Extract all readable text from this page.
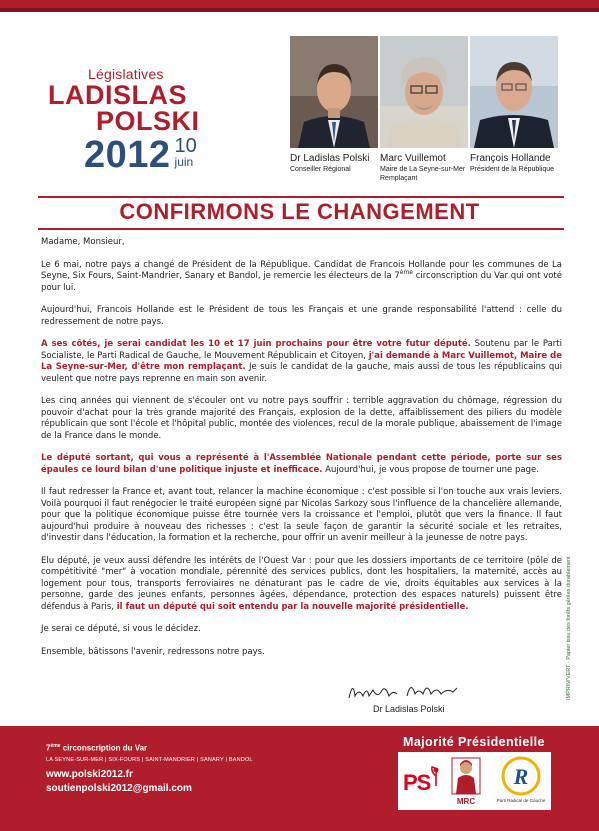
Législatives
LADISLAS
POLSKI
2012 10
juin	Dr Ladislas Polski
Conseiller Régional
Marc Vuillemot
Maire de La Seyne-sur-Mer
Remplaçant
François Hollande
Président de la République
CONFIRMONS LE CHANGEMENT

Madame, Monsieur,

Le 6 mai, notre pays a changé de Président de la République. Candidat de Francois Hollande pour les communes de La Seyne, Six Fours, Saint-Mandrier, Sanary et Bandol, je remercie les électeurs de la 7ème circonscription du Var qui ont voté pour lui.

Aujourd'hui, Francois Hollande est le Président de tous les Français et une grande responsabilité l'attend : celle du redressement de notre pays.

A ses côtés, je serai candidat les 10 et 17 juin prochains pour être votre futur député. Soutenu par le Parti Socialiste, le Parti Radical de Gauche, le Mouvement Républicain et Citoyen, j'ai demandé à Marc Vuillemot, Maire de La Seyne-sur-Mer, d'être mon remplaçant. Je suis le candidat de la gauche, mais aussi de tous les républicains qui veulent que notre pays reprenne en main son avenir.

Les cinq années qui viennent de s'écouler ont vu notre pays souffrir : terrible aggravation du chômage, régression du pouvoir d'achat pour la très grande majorité des Français, explosion de la dette, affaiblissement des piliers du modèle républicain que sont l'école et l'hôpital public, montée des violences, recul de la morale publique, abaissement de l'image de la France dans le monde.

Le député sortant, qui vous a représenté à l'Assemblée Nationale pendant cette période, porte sur ses épaules ce lourd bilan d'une politique injuste et inefficace. Aujourd'hui, je vous propose de tourner une page.

Il faut redresser la France et, avant tout, relancer la machine économique : c'est possible si l'on touche aux vrais leviers. Voilà pourquoi il faut renégocier le traité européen signé par Nicolas Sarkozy sous l'influence de la chancelière allemande, pour que la politique économique puisse être tournée vers la croissance et l'emploi, plutôt que vers la finance. Il faut aujourd'hui produire à nouveau des richesses : c'est la seule façon de garantir la sécurité sociale et les retraites, d'investir dans l'éducation, la formation et la recherche, pour offrir un avenir meilleur à la jeunesse de notre pays.

Elu député, je veux aussi défendre les intérêts de l'Ouest Var : pour que les dossiers importants de ce territoire (pôle de compétitivité "mer" à vocation mondiale, pérennité des services publics, dont les hospitaliers, la maternité, accès au logement pour tous, transports ferroviaires ne dénaturant pas le cadre de vie, droits équitables aux services à la personne, garde des jeunes enfants, personnes âgées, dépendance, protection des espaces naturels) puissent être défendus à Paris, il faut un député qui soit entendu par la nouvelle majorité présidentielle.

Je serai ce député, si vous le décidez.

Ensemble, bâtissons l'avenir, redressons notre pays.

Dr Ladislas Polski
IMPRIM'VERT · Papier issu des forêts gérées durablement
7ème circonscription du Var
LA SEYNE-SUR-MER | SIX-FOURS | SAINT-MANDRIER | SANARY | BANDOL
www.polski2012.fr
soutienpolski2012@gmail.com
Majorité Présidentielle
PS
MRC
R
Parti Radical de Gauche
